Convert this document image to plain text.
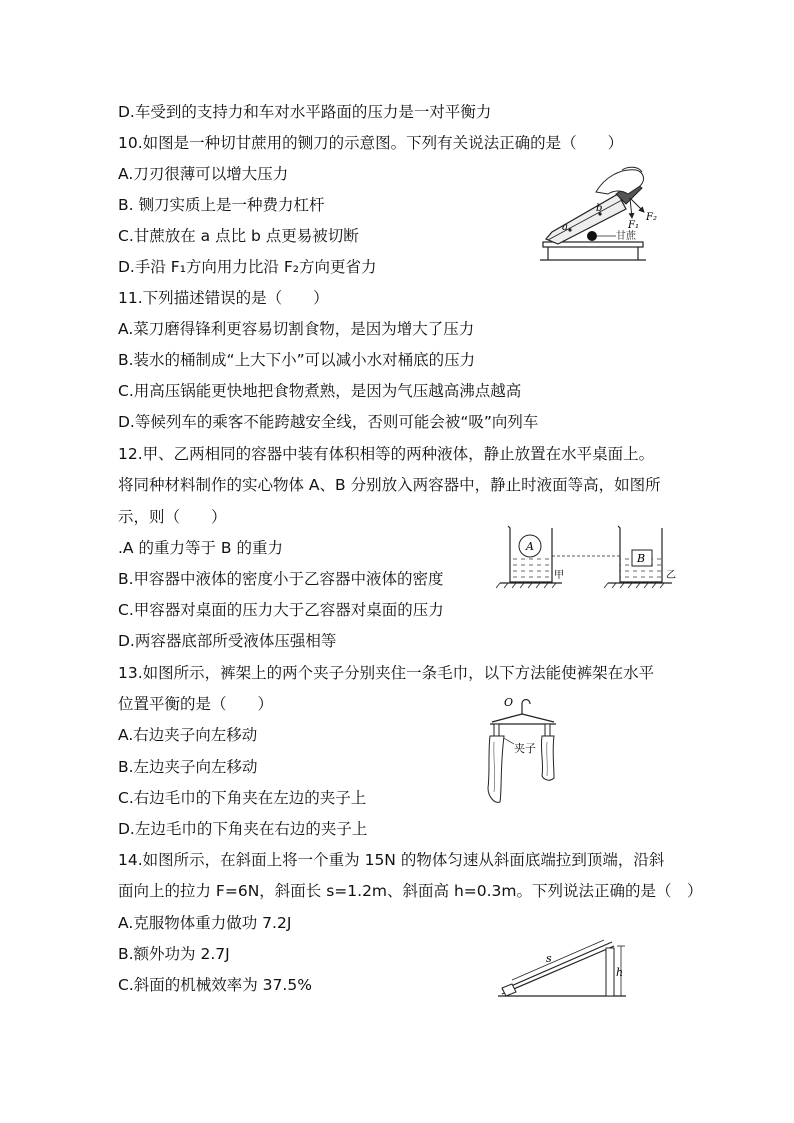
D.车受到的支持力和车对水平路面的压力是一对平衡力
10.如图是一种切甘蔗用的铡刀的示意图。下列有关说法正确的是（　　）
A.刀刃很薄可以增大压力
B. 铡刀实质上是一种费力杠杆
C.甘蔗放在 a 点比 b 点更易被切断
D.手沿 F₁方向用力比沿 F₂方向更省力
11.下列描述错误的是（　　）
A.菜刀磨得锋利更容易切割食物，是因为增大了压力
B.装水的桶制成“上大下小”可以减小水对桶底的压力
C.用高压锅能更快地把食物煮熟，是因为气压越高沸点越高
D.等候列车的乘客不能跨越安全线，否则可能会被“吸”向列车
12.甲、乙两相同的容器中装有体积相等的两种液体，静止放置在水平桌面上。
将同种材料制作的实心物体 A、B 分别放入两容器中，静止时液面等高，如图所
示，则（　　）
.A 的重力等于 B 的重力
B.甲容器中液体的密度小于乙容器中液体的密度
C.甲容器对桌面的压力大于乙容器对桌面的压力
D.两容器底部所受液体压强相等
13.如图所示，裤架上的两个夹子分别夹住一条毛巾，以下方法能使裤架在水平
位置平衡的是（　　）
A.右边夹子向左移动
B.左边夹子向左移动
C.右边毛巾的下角夹在左边的夹子上
D.左边毛巾的下角夹在右边的夹子上
14.如图所示，在斜面上将一个重为 15N 的物体匀速从斜面底端拉到顶端，沿斜
面向上的拉力 F=6N，斜面长 s=1.2m、斜面高 h=0.3m。下列说法正确的是（　）
A.克服物体重力做功 7.2J
B.额外功为 2.7J
C.斜面的机械效率为 37.5%
甘蔗
a
b
F₁
F₂
A
甲
B
乙
O
夹子
s
h
